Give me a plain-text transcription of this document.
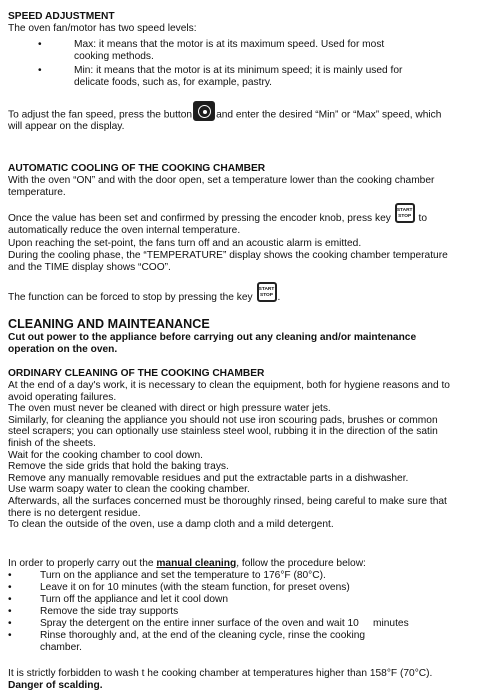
SPEED ADJUSTMENT
The oven fan/motor has two speed levels:
•	Max: it means that the motor is at its maximum speed. Used for most
cooking methods.
•	Min: it means that the motor is at its minimum speed; it is mainly used for
delicate foods, such as, for example, pastry.
To adjust the fan speed, press the button and enter the desired “Min” or “Max” speed, which
will appear on the display.
AUTOMATIC COOLING OF THE COOKING CHAMBER
With the oven “ON” and with the door open, set a temperature lower than the cooking chamber
temperature.
Once the value has been set and confirmed by pressing the encoder knob, press key START
STOP to
automatically reduce the oven internal temperature.
Upon reaching the set-point, the fans turn off and an acoustic alarm is emitted.
During the cooling phase, the “TEMPERATURE” display shows the cooking chamber temperature
and the TIME display shows “COO”.
The function can be forced to stop by pressing the key START
STOP .
CLEANING AND MAINTEANANCE
Cut out power to the appliance before carrying out any cleaning and/or maintenance
operation on the oven.
ORDINARY CLEANING OF THE COOKING CHAMBER
At the end of a day's work, it is necessary to clean the equipment, both for hygiene reasons and to
avoid operating failures.
The oven must never be cleaned with direct or high pressure water jets.
Similarly, for cleaning the appliance you should not use iron scouring pads, brushes or common
steel scrapers; you can optionally use stainless steel wool, rubbing it in the direction of the satin
finish of the sheets.
Wait for the cooking chamber to cool down.
Remove the side grids that hold the baking trays.
Remove any manually removable residues and put the extractable parts in a dishwasher.
Use warm soapy water to clean the cooking chamber.
Afterwards, all the surfaces concerned must be thoroughly rinsed, being careful to make sure that
there is no detergent residue.
To clean the outside of the oven, use a damp cloth and a mild detergent.
In order to properly carry out the manual cleaning, follow the procedure below:
•	Turn on the appliance and set the temperature to 176°F (80°C).
•	Leave it on for 10 minutes (with the steam function, for preset ovens)
•	Turn off the appliance and let it cool down
•	Remove the side tray supports
•	Spray the detergent on the entire inner surface of the oven and wait 10     minutes
•	Rinse thoroughly and, at the end of the cleaning cycle, rinse the cooking
chamber.
It is strictly forbidden to wash t he cooking chamber at temperatures higher than 158°F (70°C).
Danger of scalding.
